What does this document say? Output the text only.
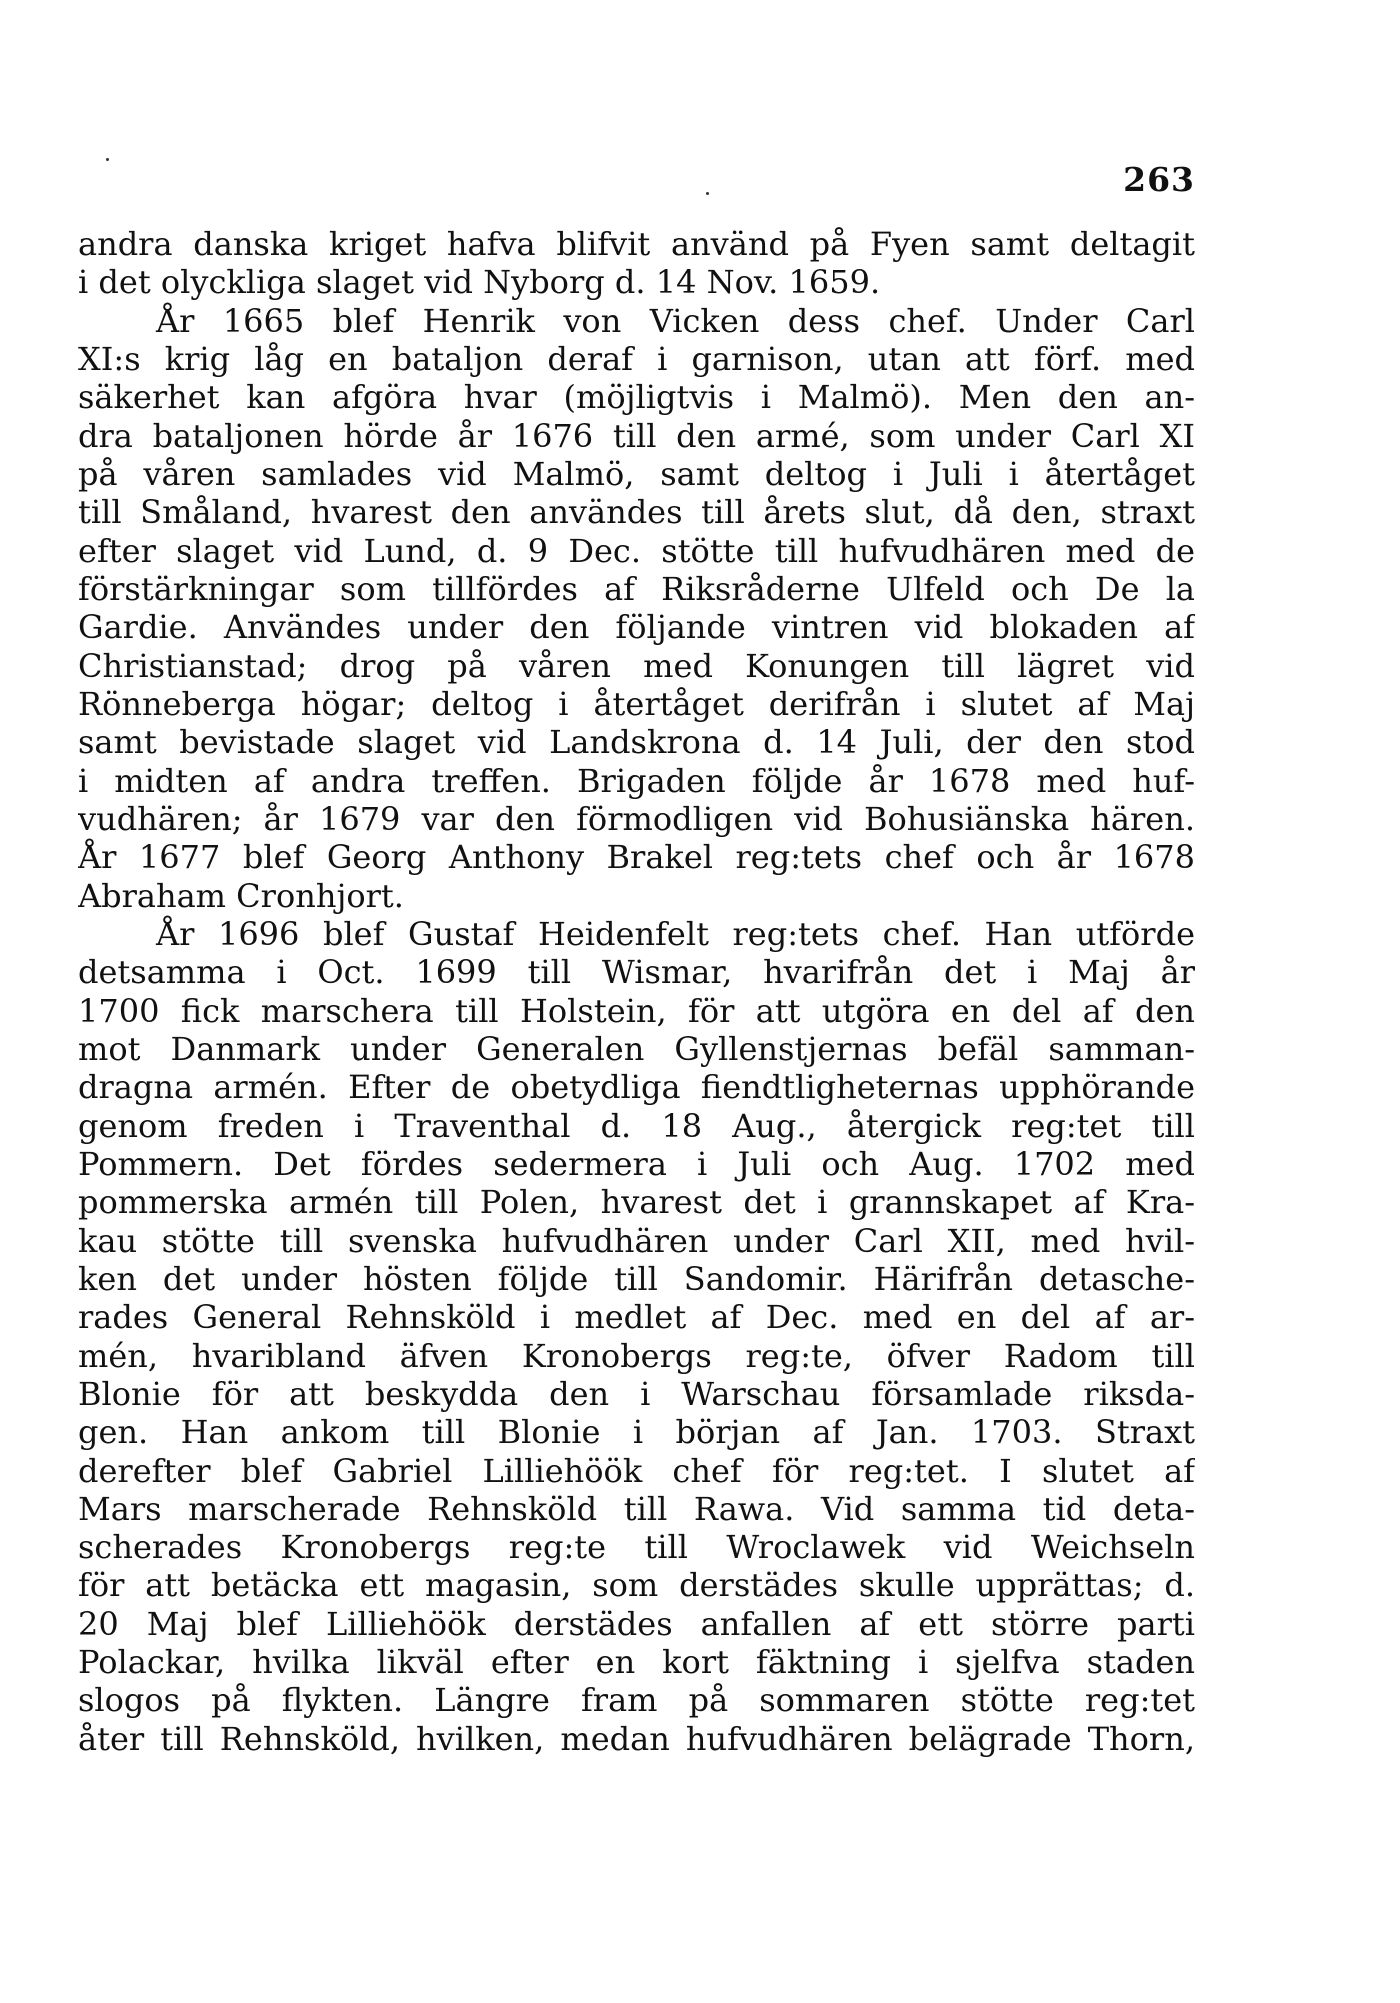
263
andra danska kriget hafva blifvit använd på Fyen samt deltagit
i det olyckliga slaget vid Nyborg d. 14 Nov. 1659.
År 1665 blef Henrik von Vicken dess chef. Under Carl
XI:s krig låg en bataljon deraf i garnison, utan att förf. med
säkerhet kan afgöra hvar (möjligtvis i Malmö). Men den an-
dra bataljonen hörde år 1676 till den armé, som under Carl XI
på våren samlades vid Malmö, samt deltog i Juli i återtåget
till Småland, hvarest den användes till årets slut, då den, straxt
efter slaget vid Lund, d. 9 Dec. stötte till hufvudhären med de
förstärkningar som tillfördes af Riksråderne Ulfeld och De la
Gardie. Användes under den följande vintren vid blokaden af
Christianstad; drog på våren med Konungen till lägret vid
Rönneberga högar; deltog i återtåget derifrån i slutet af Maj
samt bevistade slaget vid Landskrona d. 14 Juli, der den stod
i midten af andra treffen. Brigaden följde år 1678 med huf-
vudhären; år 1679 var den förmodligen vid Bohusiänska hären.
År 1677 blef Georg Anthony Brakel reg:tets chef och år 1678
Abraham Cronhjort.
År 1696 blef Gustaf Heidenfelt reg:tets chef. Han utförde
detsamma i Oct. 1699 till Wismar, hvarifrån det i Maj år
1700 fick marschera till Holstein, för att utgöra en del af den
mot Danmark under Generalen Gyllenstjernas befäl samman-
dragna armén. Efter de obetydliga fiendtligheternas upphörande
genom freden i Traventhal d. 18 Aug., återgick reg:tet till
Pommern. Det fördes sedermera i Juli och Aug. 1702 med
pommerska armén till Polen, hvarest det i grannskapet af Kra-
kau stötte till svenska hufvudhären under Carl XII, med hvil-
ken det under hösten följde till Sandomir. Härifrån detasche-
rades General Rehnsköld i medlet af Dec. med en del af ar-
mén, hvaribland äfven Kronobergs reg:te, öfver Radom till
Blonie för att beskydda den i Warschau församlade riksda-
gen. Han ankom till Blonie i början af Jan. 1703. Straxt
derefter blef Gabriel Lilliehöök chef för reg:tet. I slutet af
Mars marscherade Rehnsköld till Rawa. Vid samma tid deta-
scherades Kronobergs reg:te till Wroclawek vid Weichseln
för att betäcka ett magasin, som derstädes skulle upprättas; d.
20 Maj blef Lilliehöök derstädes anfallen af ett större parti
Polackar, hvilka likväl efter en kort fäktning i sjelfva staden
slogos på flykten. Längre fram på sommaren stötte reg:tet
åter till Rehnsköld, hvilken, medan hufvudhären belägrade Thorn,
